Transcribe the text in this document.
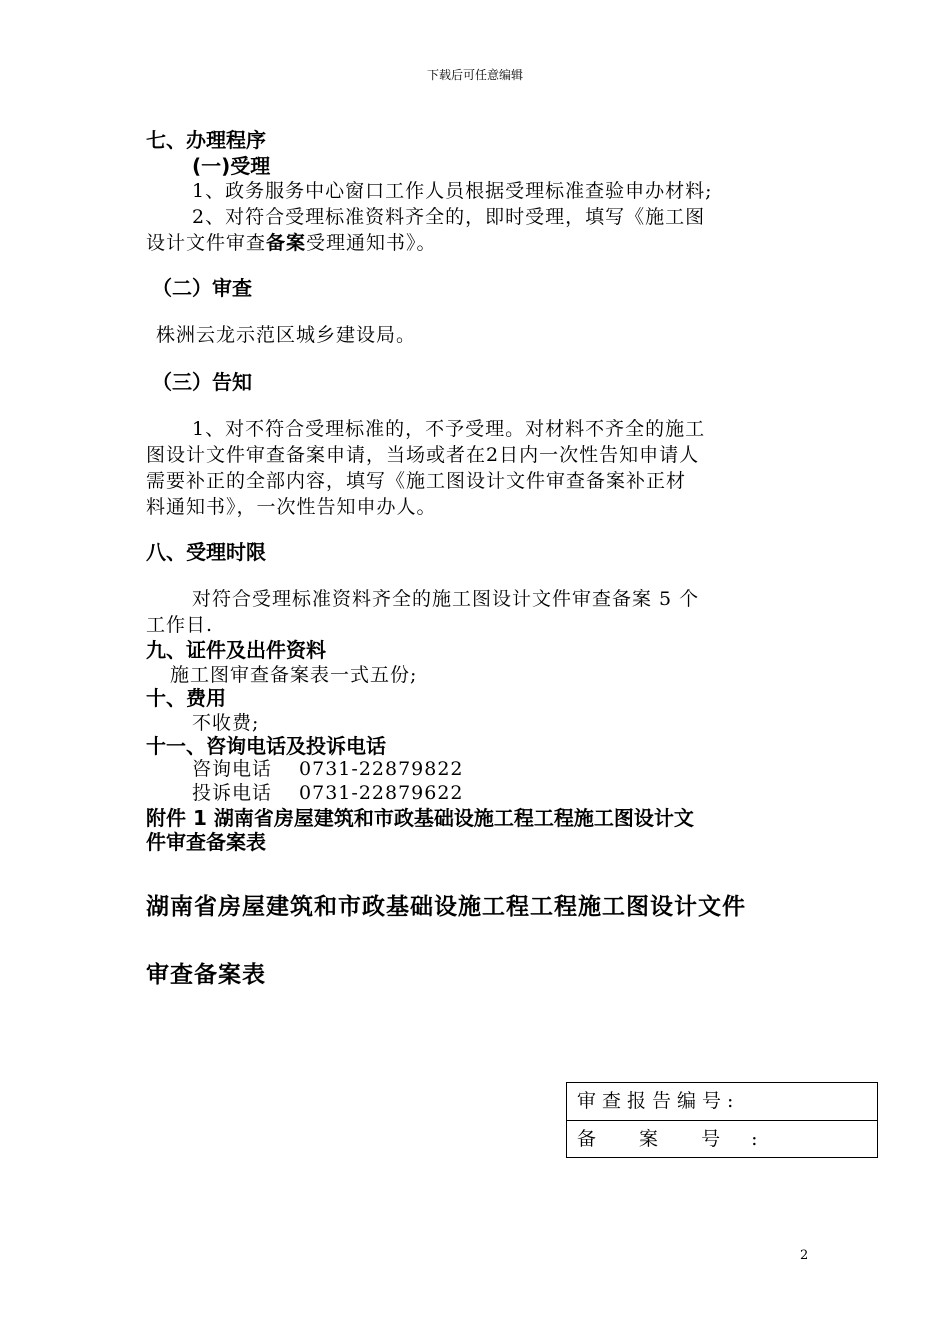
下载后可任意编辑
七、办理程序
(一)受理
1、政务服务中心窗口工作人员根据受理标准查验申办材料;
2、对符合受理标准资料齐全的，即时受理，填写《施工图
设计文件审查备案受理通知书》。
（二）审查
株洲云龙示范区城乡建设局。
（三）告知
1、对不符合受理标准的，不予受理。对材料不齐全的施工
图设计文件审查备案申请，当场或者在2日内一次性告知申请人
需要补正的全部内容，填写《施工图设计文件审查备案补正材
料通知书》，一次性告知申办人。
八、受理时限
对符合受理标准资料齐全的施工图设计文件审查备案 5 个
工作日.
九、证件及出件资料
施工图审查备案表一式五份;
十、费用
不收费;
十一、咨询电话及投诉电话
咨询电话　 0731-22879822
投诉电话　 0731-22879622
附件 1 湖南省房屋建筑和市政基础设施工程工程施工图设计文
件审查备案表
湖南省房屋建筑和市政基础设施工程工程施工图设计文件
审查备案表
审查报告编号:
备　 案　 号　:
2
